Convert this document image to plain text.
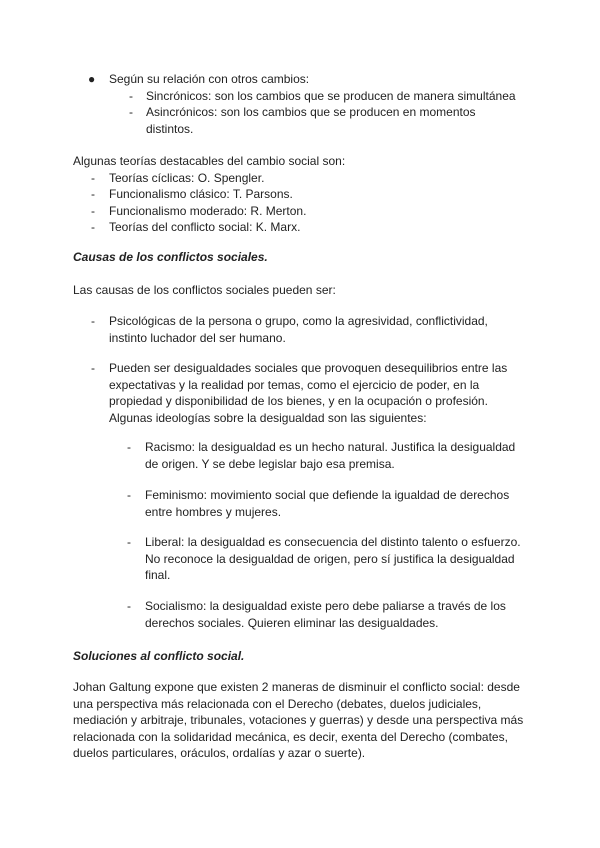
● Según su relación con otros cambios:
- Sincrónicos: son los cambios que se producen de manera simultánea
- Asincrónicos: son los cambios que se producen en momentos
distintos.
Algunas teorías destacables del cambio social son:
- Teorías cíclicas: O. Spengler.
- Funcionalismo clásico: T. Parsons.
- Funcionalismo moderado: R. Merton.
- Teorías del conflicto social: K. Marx.
Causas de los conflictos sociales.
Las causas de los conflictos sociales pueden ser:
- Psicológicas de la persona o grupo, como la agresividad, conflictividad,
instinto luchador del ser humano.
- Pueden ser desigualdades sociales que provoquen desequilibrios entre las
expectativas y la realidad por temas, como el ejercicio de poder, en la
propiedad y disponibilidad de los bienes, y en la ocupación o profesión.
Algunas ideologías sobre la desigualdad son las siguientes:
- Racismo: la desigualdad es un hecho natural. Justifica la desigualdad
de origen. Y se debe legislar bajo esa premisa.
- Feminismo: movimiento social que defiende la igualdad de derechos
entre hombres y mujeres.
- Liberal: la desigualdad es consecuencia del distinto talento o esfuerzo.
No reconoce la desigualdad de origen, pero sí justifica la desigualdad
final.
- Socialismo: la desigualdad existe pero debe paliarse a través de los
derechos sociales. Quieren eliminar las desigualdades.
Soluciones al conflicto social.
Johan Galtung expone que existen 2 maneras de disminuir el conflicto social: desde
una perspectiva más relacionada con el Derecho (debates, duelos judiciales,
mediación y arbitraje, tribunales, votaciones y guerras) y desde una perspectiva más
relacionada con la solidaridad mecánica, es decir, exenta del Derecho (combates,
duelos particulares, oráculos, ordalías y azar o suerte).
